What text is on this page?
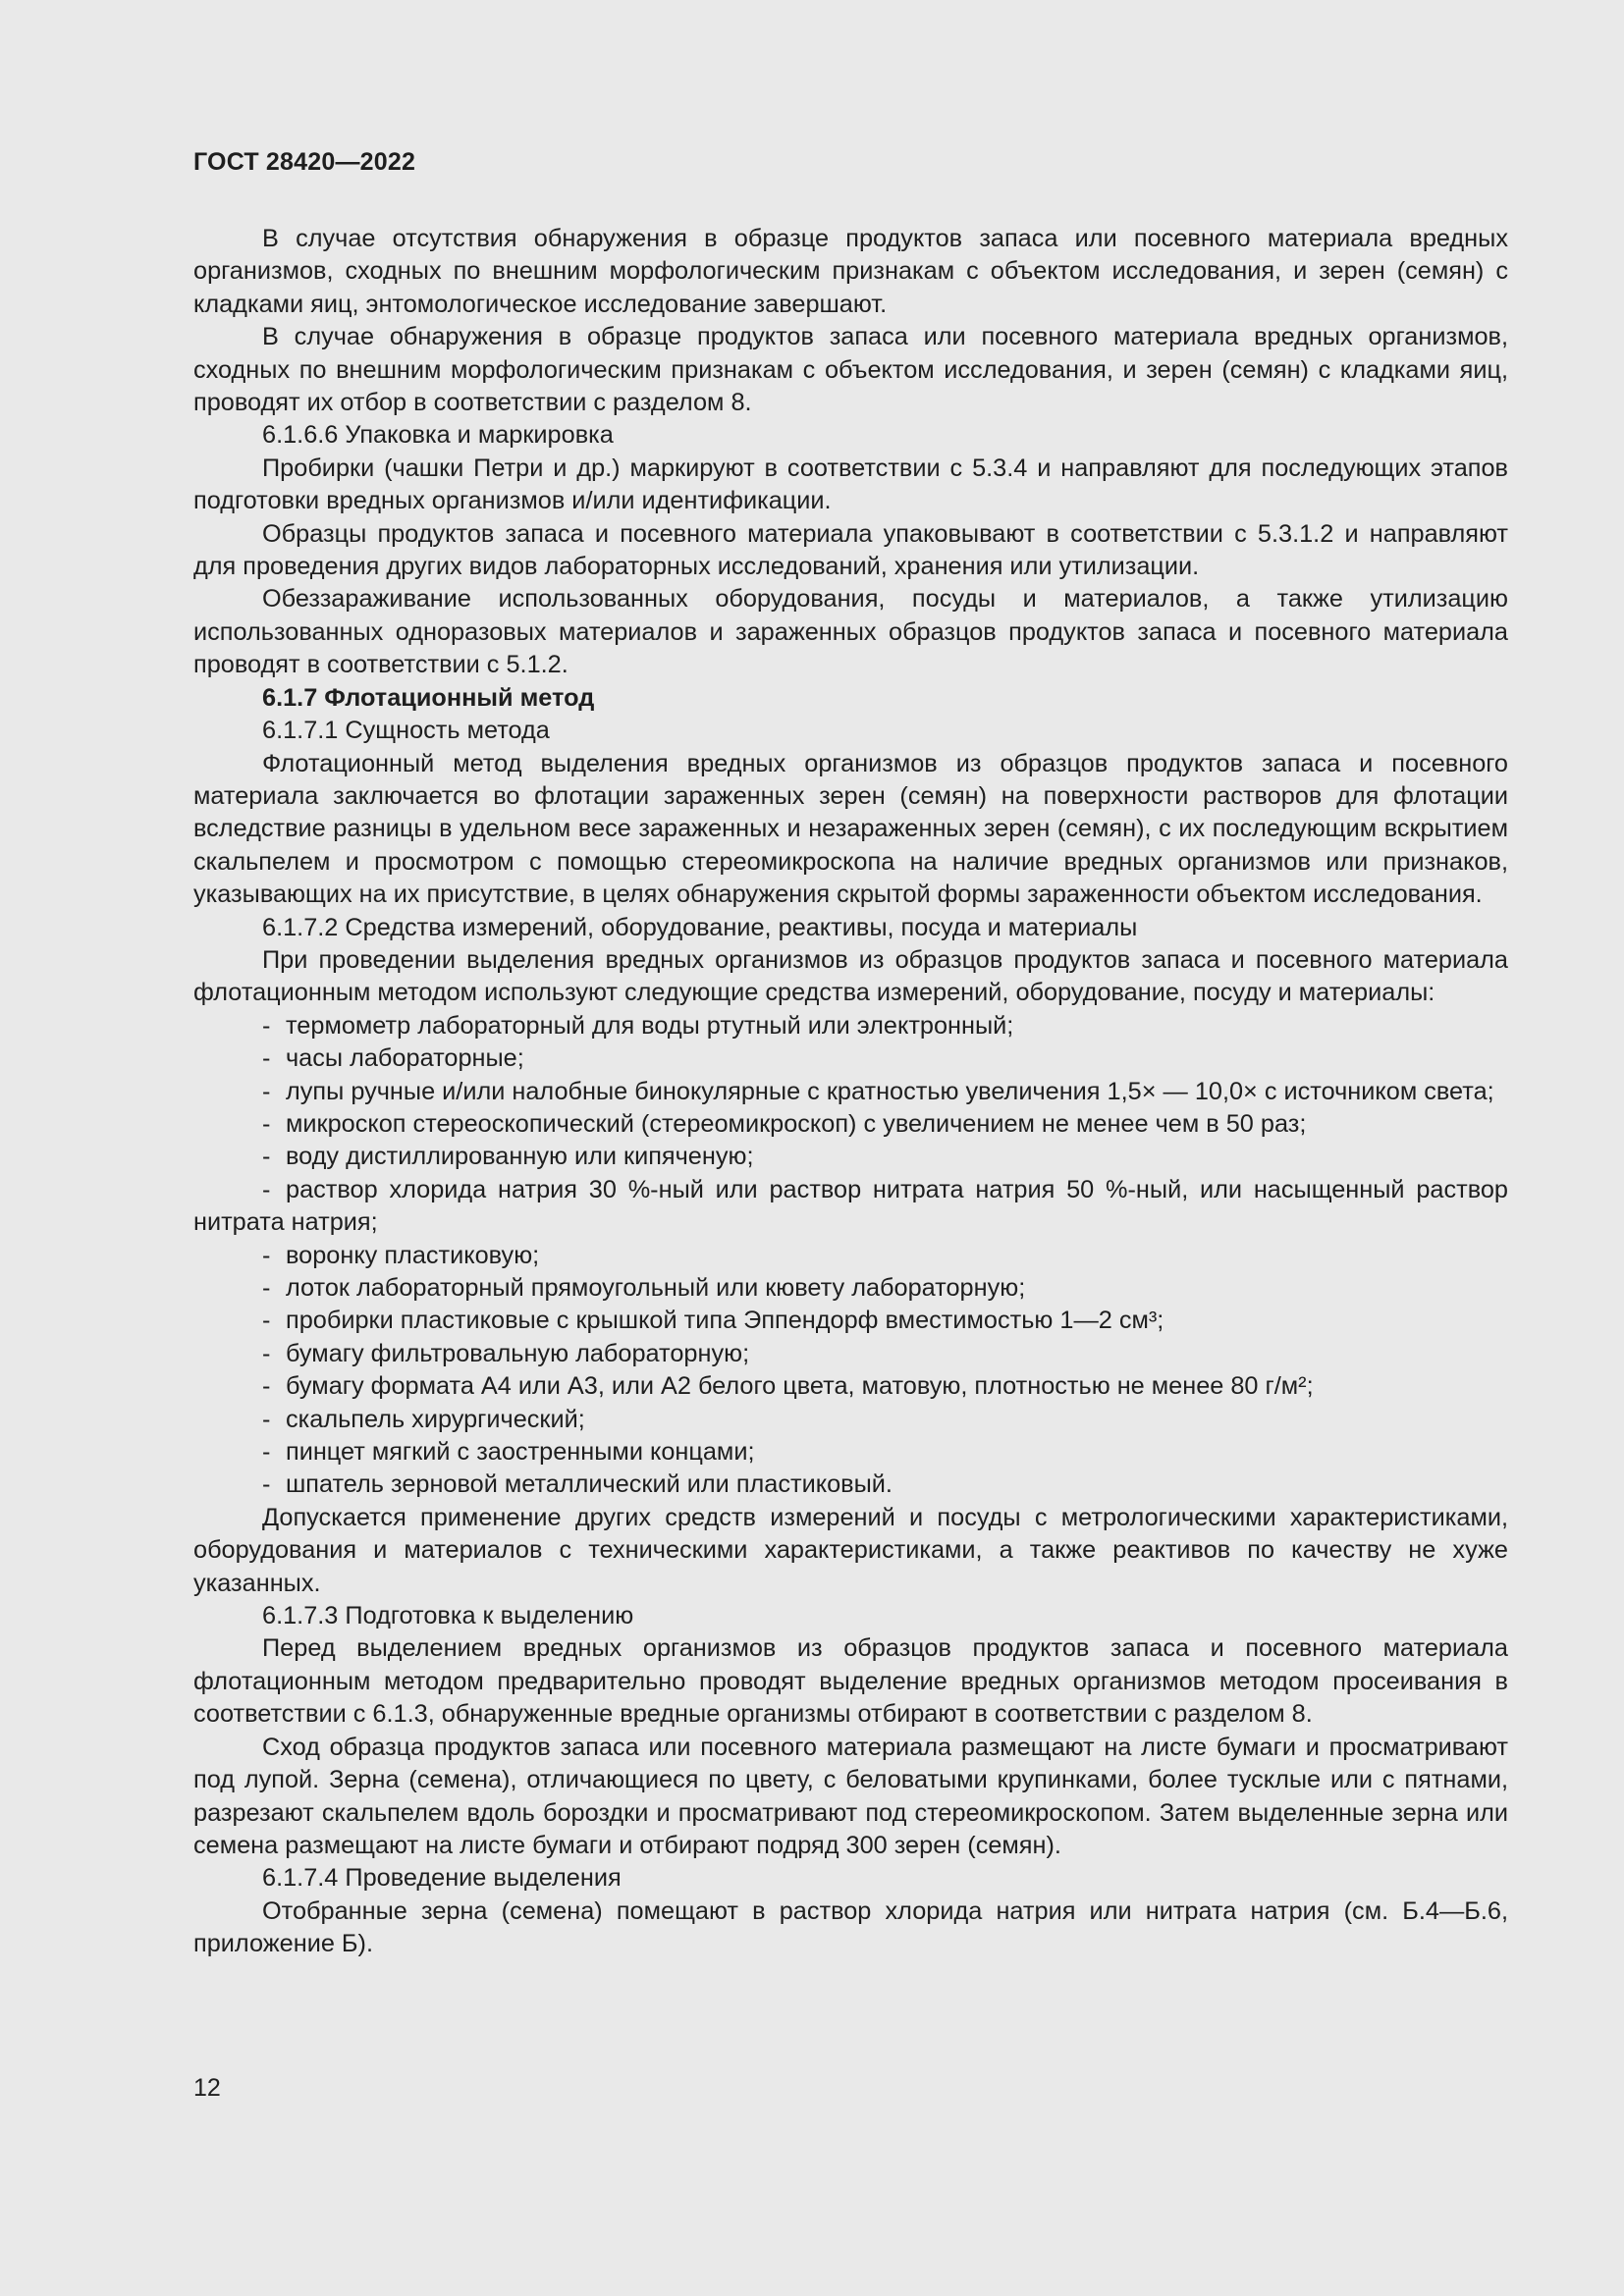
ГОСТ 28420—2022

В случае отсутствия обнаружения в образце продуктов запаса или посевного материала вредных организмов, сходных по внешним морфологическим признакам с объектом исследования, и зерен (семян) с кладками яиц, энтомологическое исследование завершают.

В случае обнаружения в образце продуктов запаса или посевного материала вредных организмов, сходных по внешним морфологическим признакам с объектом исследования, и зерен (семян) с кладками яиц, проводят их отбор в соответствии с разделом 8.

6.1.6.6 Упаковка и маркировка

Пробирки (чашки Петри и др.) маркируют в соответствии с 5.3.4 и направляют для последующих этапов подготовки вредных организмов и/или идентификации.

Образцы продуктов запаса и посевного материала упаковывают в соответствии с 5.3.1.2 и направляют для проведения других видов лабораторных исследований, хранения или утилизации.

Обеззараживание использованных оборудования, посуды и материалов, а также утилизацию использованных одноразовых материалов и зараженных образцов продуктов запаса и посевного материала проводят в соответствии с 5.1.2.

6.1.7 Флотационный метод

6.1.7.1 Сущность метода

Флотационный метод выделения вредных организмов из образцов продуктов запаса и посевного материала заключается во флотации зараженных зерен (семян) на поверхности растворов для флотации вследствие разницы в удельном весе зараженных и незараженных зерен (семян), с их последующим вскрытием скальпелем и просмотром с помощью стереомикроскопа на наличие вредных организмов или признаков, указывающих на их присутствие, в целях обнаружения скрытой формы зараженности объектом исследования.

6.1.7.2 Средства измерений, оборудование, реактивы, посуда и материалы

При проведении выделения вредных организмов из образцов продуктов запаса и посевного материала флотационным методом используют следующие средства измерений, оборудование, посуду и материалы:

- термометр лабораторный для воды ртутный или электронный;

- часы лабораторные;

- лупы ручные и/или налобные бинокулярные с кратностью увеличения 1,5× — 10,0× с источником света;

- микроскоп стереоскопический (стереомикроскоп) с увеличением не менее чем в 50 раз;

- воду дистиллированную или кипяченую;

- раствор хлорида натрия 30 %-ный или раствор нитрата натрия 50 %-ный, или насыщенный раствор нитрата натрия;

- воронку пластиковую;

- лоток лабораторный прямоугольный или кювету лабораторную;

- пробирки пластиковые с крышкой типа Эппендорф вместимостью 1—2 см³;

- бумагу фильтровальную лабораторную;

- бумагу формата А4 или А3, или А2 белого цвета, матовую, плотностью не менее 80 г/м²;

- скальпель хирургический;

- пинцет мягкий с заостренными концами;

- шпатель зерновой металлический или пластиковый.

Допускается применение других средств измерений и посуды с метрологическими характеристиками, оборудования и материалов с техническими характеристиками, а также реактивов по качеству не хуже указанных.

6.1.7.3 Подготовка к выделению

Перед выделением вредных организмов из образцов продуктов запаса и посевного материала флотационным методом предварительно проводят выделение вредных организмов методом просеивания в соответствии с 6.1.3, обнаруженные вредные организмы отбирают в соответствии с разделом 8.

Сход образца продуктов запаса или посевного материала размещают на листе бумаги и просматривают под лупой. Зерна (семена), отличающиеся по цвету, с беловатыми крупинками, более тусклые или с пятнами, разрезают скальпелем вдоль бороздки и просматривают под стереомикроскопом. Затем выделенные зерна или семена размещают на листе бумаги и отбирают подряд 300 зерен (семян).

6.1.7.4 Проведение выделения

Отобранные зерна (семена) помещают в раствор хлорида натрия или нитрата натрия (см. Б.4—Б.6, приложение Б).

12
